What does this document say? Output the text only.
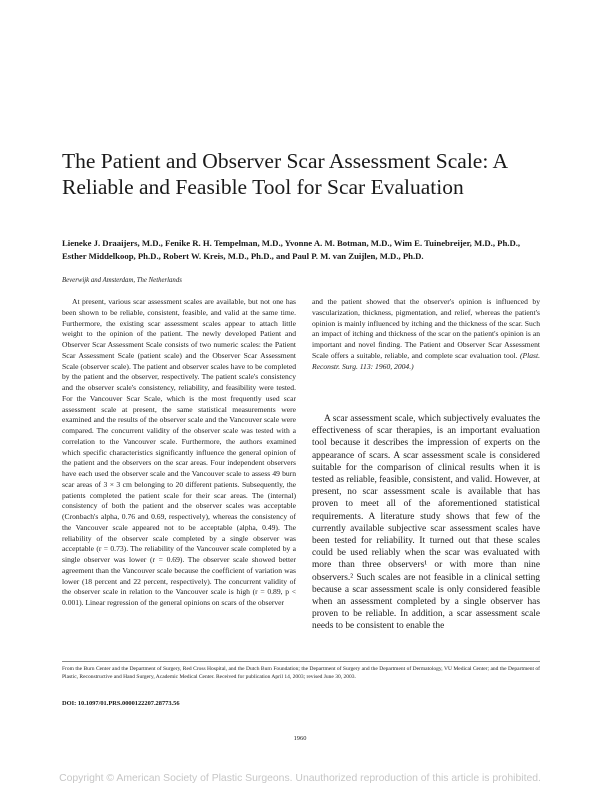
The Patient and Observer Scar Assessment Scale: A Reliable and Feasible Tool for Scar Evaluation

Lieneke J. Draaijers, M.D., Fenike R. H. Tempelman, M.D., Yvonne A. M. Botman, M.D., Wim E. Tuinebreijer, M.D., Ph.D., Esther Middelkoop, Ph.D., Robert W. Kreis, M.D., Ph.D., and Paul P. M. van Zuijlen, M.D., Ph.D.

Beverwijk and Amsterdam, The Netherlands

At present, various scar assessment scales are available, but not one has been shown to be reliable, consistent, feasible, and valid at the same time. Furthermore, the existing scar assessment scales appear to attach little weight to the opinion of the patient. The newly developed Patient and Observer Scar Assessment Scale consists of two numeric scales: the Patient Scar Assessment Scale (patient scale) and the Observer Scar Assessment Scale (observer scale). The patient and observer scales have to be completed by the patient and the observer, respectively. The patient scale's consistency and the observer scale's consistency, reliability, and feasibility were tested. For the Vancouver Scar Scale, which is the most frequently used scar assessment scale at present, the same statistical measurements were examined and the results of the observer scale and the Vancouver scale were compared. The concurrent validity of the observer scale was tested with a correlation to the Vancouver scale. Furthermore, the authors examined which specific characteristics significantly influence the general opinion of the patient and the observers on the scar areas. Four independent observers have each used the observer scale and the Vancouver scale to assess 49 burn scar areas of 3 × 3 cm belonging to 20 different patients. Subsequently, the patients completed the patient scale for their scar areas. The (internal) consistency of both the patient and the observer scales was acceptable (Cronbach's alpha, 0.76 and 0.69, respectively), whereas the consistency of the Vancouver scale appeared not to be acceptable (alpha, 0.49). The reliability of the observer scale completed by a single observer was acceptable (r = 0.73). The reliability of the Vancouver scale completed by a single observer was lower (r = 0.69). The observer scale showed better agreement than the Vancouver scale because the coefficient of variation was lower (18 percent and 22 percent, respectively). The concurrent validity of the observer scale in relation to the Vancouver scale is high (r = 0.89, p < 0.001). Linear regression of the general opinions on scars of the observer

and the patient showed that the observer's opinion is influenced by vascularization, thickness, pigmentation, and relief, whereas the patient's opinion is mainly influenced by itching and the thickness of the scar. Such an impact of itching and thickness of the scar on the patient's opinion is an important and novel finding. The Patient and Observer Scar Assessment Scale offers a suitable, reliable, and complete scar evaluation tool. (Plast. Reconstr. Surg. 113: 1960, 2004.)

A scar assessment scale, which subjectively evaluates the effectiveness of scar therapies, is an important evaluation tool because it describes the impression of experts on the appearance of scars. A scar assessment scale is considered suitable for the comparison of clinical results when it is tested as reliable, feasible, consistent, and valid. However, at present, no scar assessment scale is available that has proven to meet all of the aforementioned statistical requirements. A literature study shows that few of the currently available subjective scar assessment scales have been tested for reliability. It turned out that these scales could be used reliably when the scar was evaluated with more than three observers¹ or with more than nine observers.² Such scales are not feasible in a clinical setting because a scar assessment scale is only considered feasible when an assessment completed by a single observer has proven to be reliable. In addition, a scar assessment scale needs to be consistent to enable the

From the Burn Center and the Department of Surgery, Red Cross Hospital, and the Dutch Burn Foundation; the Department of Surgery and the Department of Dermatology, VU Medical Center; and the Department of Plastic, Reconstructive and Hand Surgery, Academic Medical Center. Received for publication April 14, 2003; revised June 30, 2003.

DOI: 10.1097/01.PRS.0000122207.28773.56

1960

Copyright © American Society of Plastic Surgeons. Unauthorized reproduction of this article is prohibited.
